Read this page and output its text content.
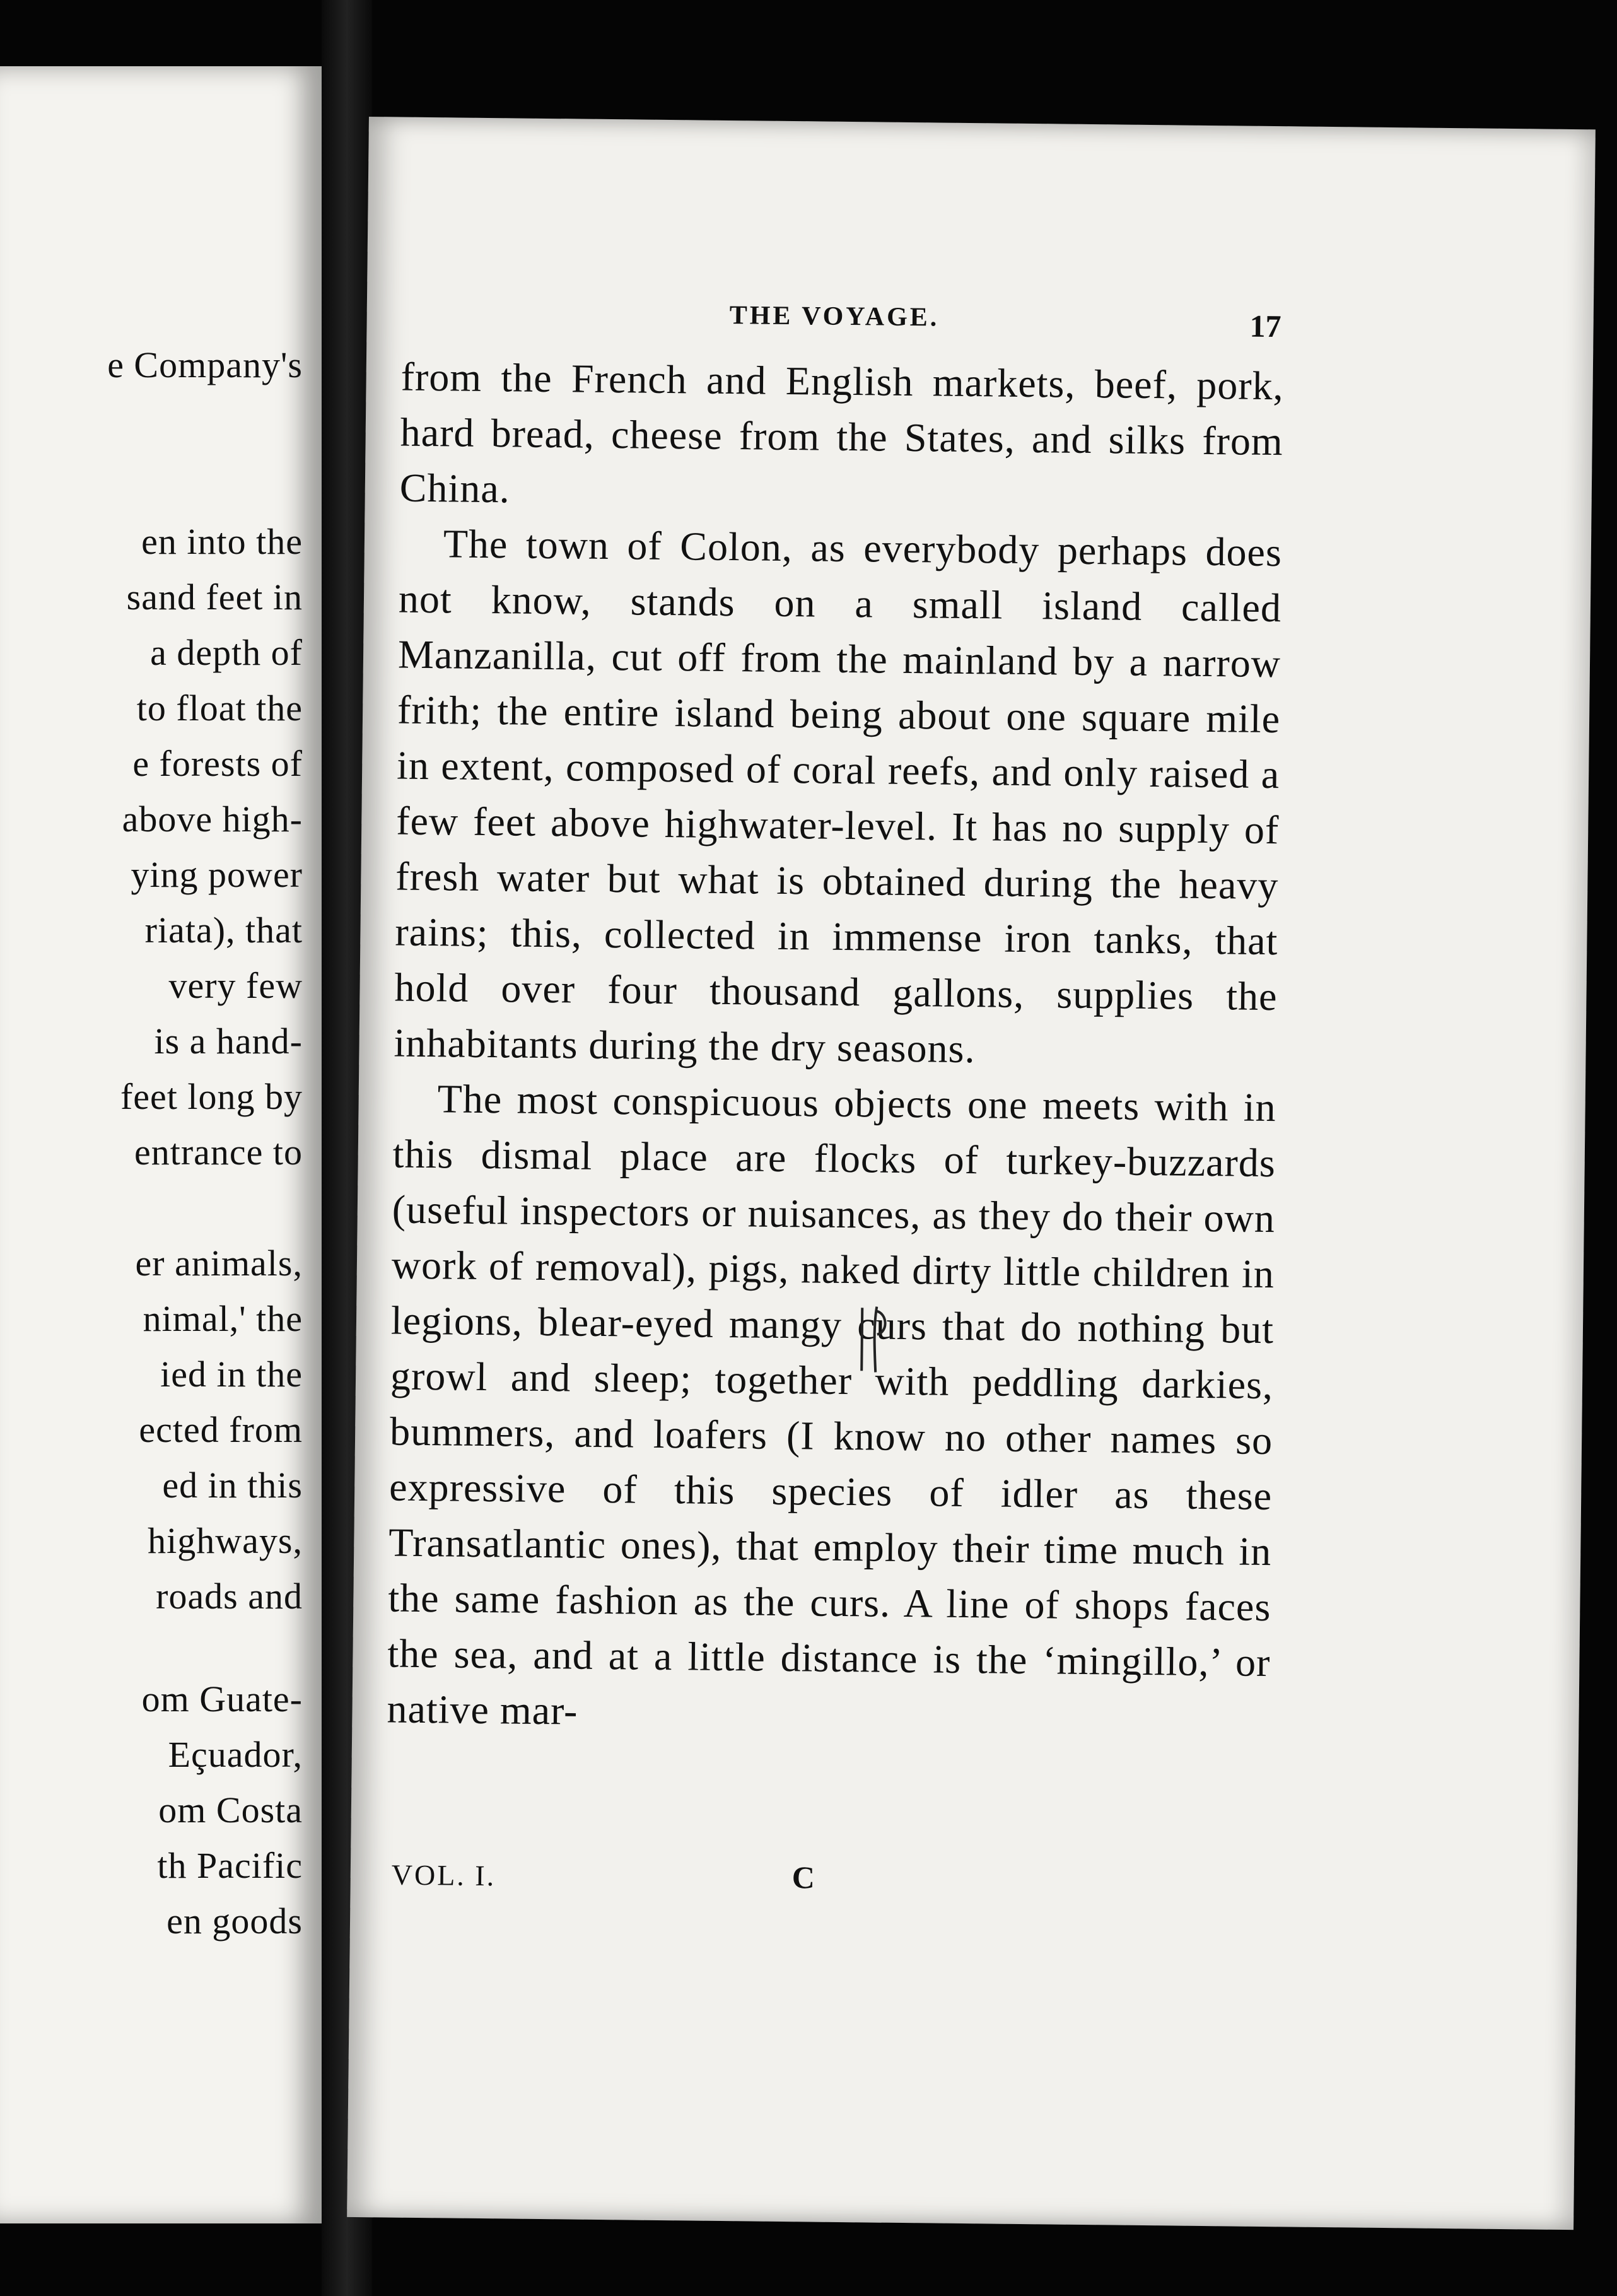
e Company's
en into the
sand feet in
a depth of
to float the
e forests of
above high-
ying power
riata), that
very few
is a hand-
feet long by
entrance to
er animals,
nimal,' the
ied in the
ected from
ed in this
highways,
roads and
om Guate-
Eçuador,
om Costa
th Pacific
en goods
THE VOYAGE.	17

from the French and English markets, beef, pork, hard bread, cheese from the States, and silks from China.

The town of Colon, as everybody perhaps does not know, stands on a small island called Manzanilla, cut off from the mainland by a narrow frith; the entire island being about one square mile in extent, composed of coral reefs, and only raised a few feet above highwater-level. It has no supply of fresh water but what is obtained during the heavy rains; this, collected in immense iron tanks, that hold over four thousand gallons, supplies the inhabitants during the dry seasons.

The most conspicuous objects one meets with in this dismal place are flocks of turkey-buzzards (useful inspectors or nuisances, as they do their own work of removal), pigs, naked dirty little children in legions, blear-eyed mangy curs that do nothing but growl and sleep; together with peddling darkies, bummers, and loafers (I know no other names so expressive of this species of idler as these Transatlantic ones), that employ their time much in the same fashion as the curs. A line of shops faces the sea, and at a little distance is the ‘mingillo,’ or native mar-

VOL. I.	C
